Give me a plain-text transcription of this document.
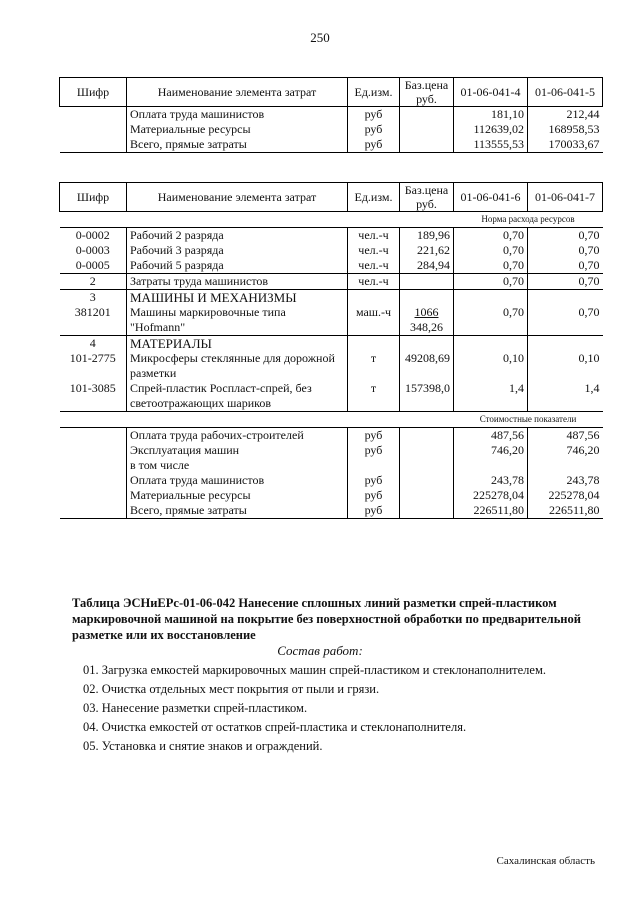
250
Шифр	Наименование элемента затрат	Ед.изм.	Баз.цена руб.	01-06-041-4	01-06-041-5
	Оплата труда машинистов	руб		181,10	212,44
	Материальные ресурсы	руб		112639,02	168958,53
	Всего, прямые затраты	руб		113555,53	170033,67
Шифр	Наименование элемента затрат	Ед.изм.	Баз.цена руб.	01-06-041-6	01-06-041-7
				Норма расхода ресурсов	
0-0002	Рабочий 2 разряда	чел.-ч	189,96	0,70	0,70
0-0003	Рабочий 3 разряда	чел.-ч	221,62	0,70	0,70
0-0005	Рабочий 5 разряда	чел.-ч	284,94	0,70	0,70
2	Затраты труда машинистов	чел.-ч		0,70	0,70
3	МАШИНЫ И МЕХАНИЗМЫ				
381201	Машины маркировочные типа	маш.-ч	1066	0,70	0,70
	"Hofmann"		348,26		
4	МАТЕРИАЛЫ				
101-2775	Микросферы стеклянные для дорожной	т	49208,69	0,10	0,10
	разметки				
101-3085	Спрей-пластик Роспласт-спрей, без	т	157398,0	1,4	1,4
	светоотражающих шариков				
				Стоимостные показатели	
	Оплата труда рабочих-строителей	руб		487,56	487,56
	Эксплуатация машин	руб		746,20	746,20
	в том числе				
	Оплата труда машинистов	руб		243,78	243,78
	Материальные ресурсы	руб		225278,04	225278,04
	Всего, прямые затраты	руб		226511,80	226511,80
Таблица ЭСНиЕРс-01-06-042 Нанесение сплошных линий разметки спрей-пластиком маркировочной машиной на покрытие без поверхностной обработки по предварительной разметке или их восстановление
Состав работ:
01. Загрузка емкостей маркировочных машин спрей-пластиком и стеклонаполнителем.
02. Очистка отдельных мест покрытия от пыли и грязи.
03. Нанесение разметки спрей-пластиком.
04. Очистка емкостей от остатков спрей-пластика и стеклонаполнителя.
05. Установка и снятие знаков и ограждений.
Сахалинская область
